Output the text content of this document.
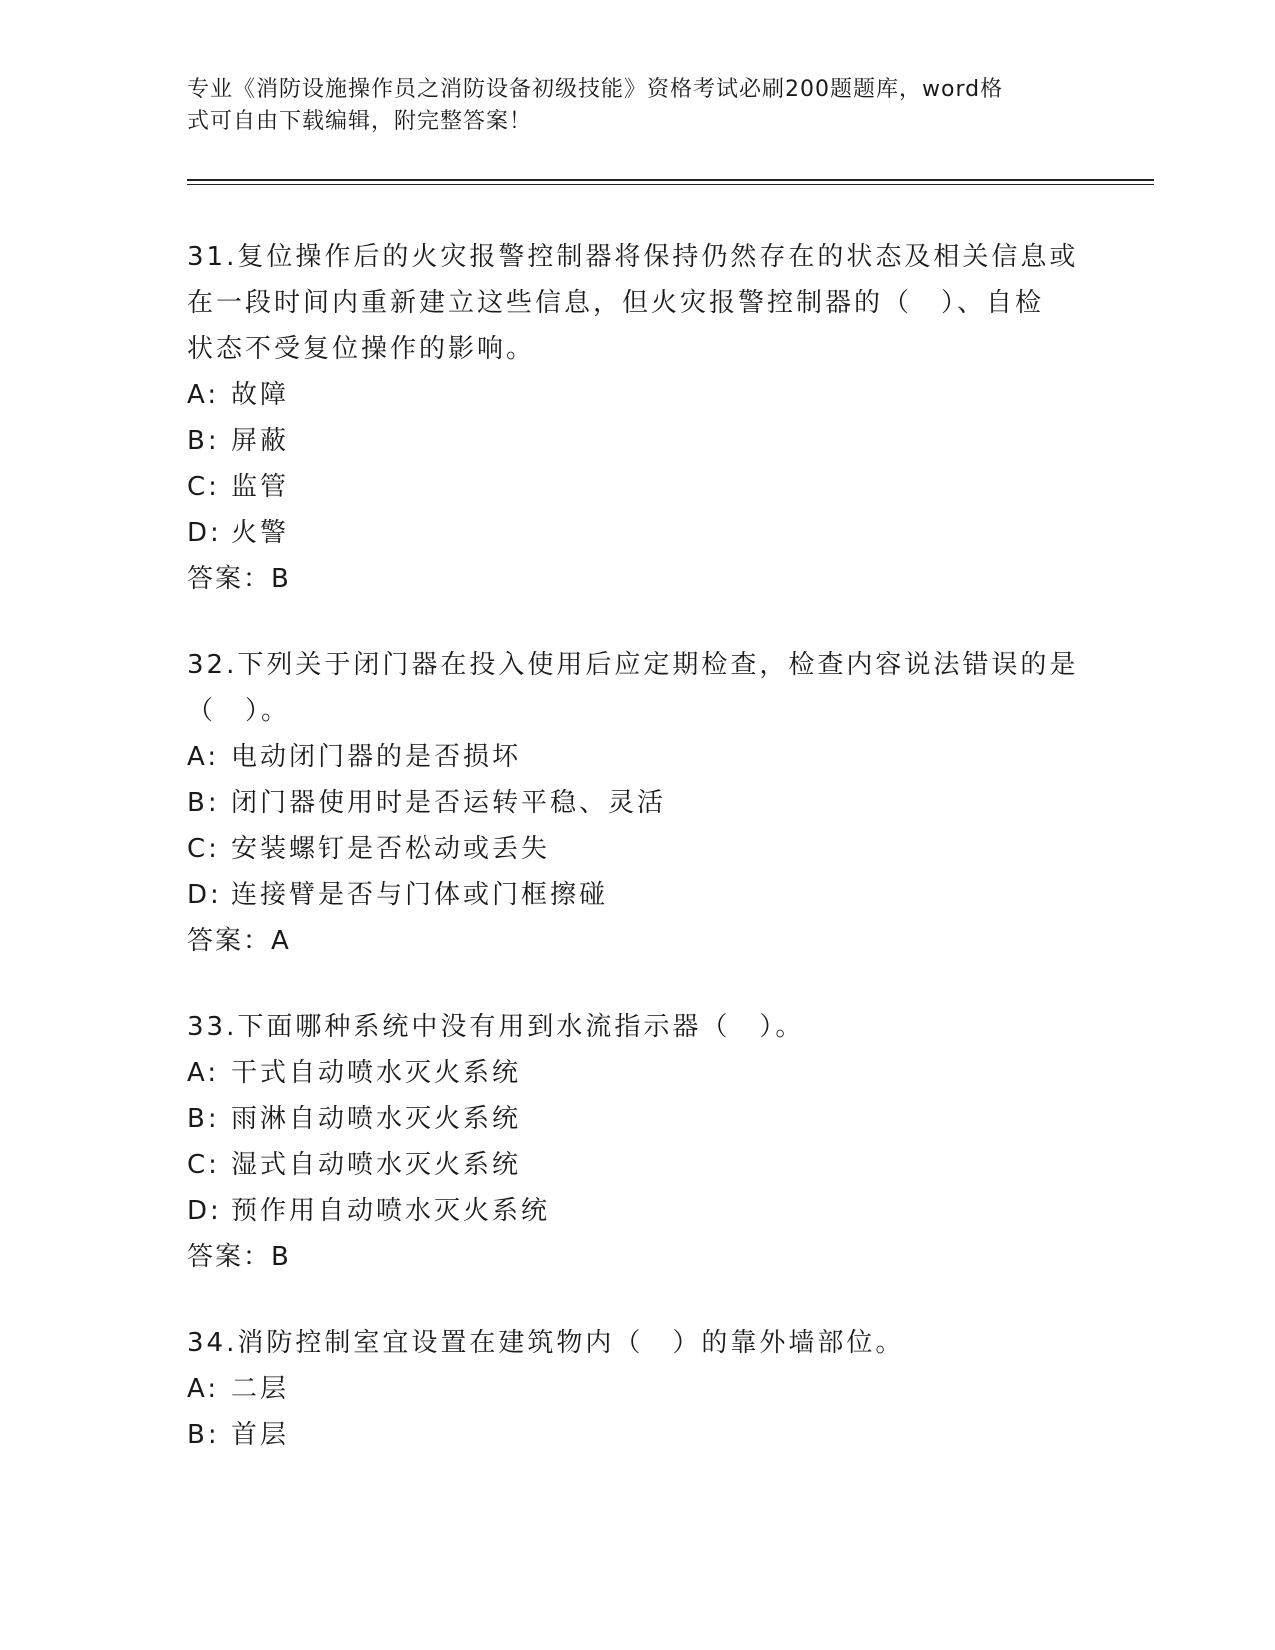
专业《消防设施操作员之消防设备初级技能》资格考试必刷200题题库，word格
式可自由下载编辑，附完整答案！

31.复位操作后的火灾报警控制器将保持仍然存在的状态及相关信息或

在一段时间内重新建立这些信息，但火灾报警控制器的（　）、自检

状态不受复位操作的影响。

A: 故障

B: 屏蔽

C: 监管

D: 火警

答案：B

32.下列关于闭门器在投入使用后应定期检查，检查内容说法错误的是

（　）。

A: 电动闭门器的是否损坏

B: 闭门器使用时是否运转平稳、灵活

C: 安装螺钉是否松动或丢失

D: 连接臂是否与门体或门框擦碰

答案：A

33.下面哪种系统中没有用到水流指示器（　）。

A: 干式自动喷水灭火系统

B: 雨淋自动喷水灭火系统

C: 湿式自动喷水灭火系统

D: 预作用自动喷水灭火系统

答案：B

34.消防控制室宜设置在建筑物内（　）的靠外墙部位。

A: 二层

B: 首层
